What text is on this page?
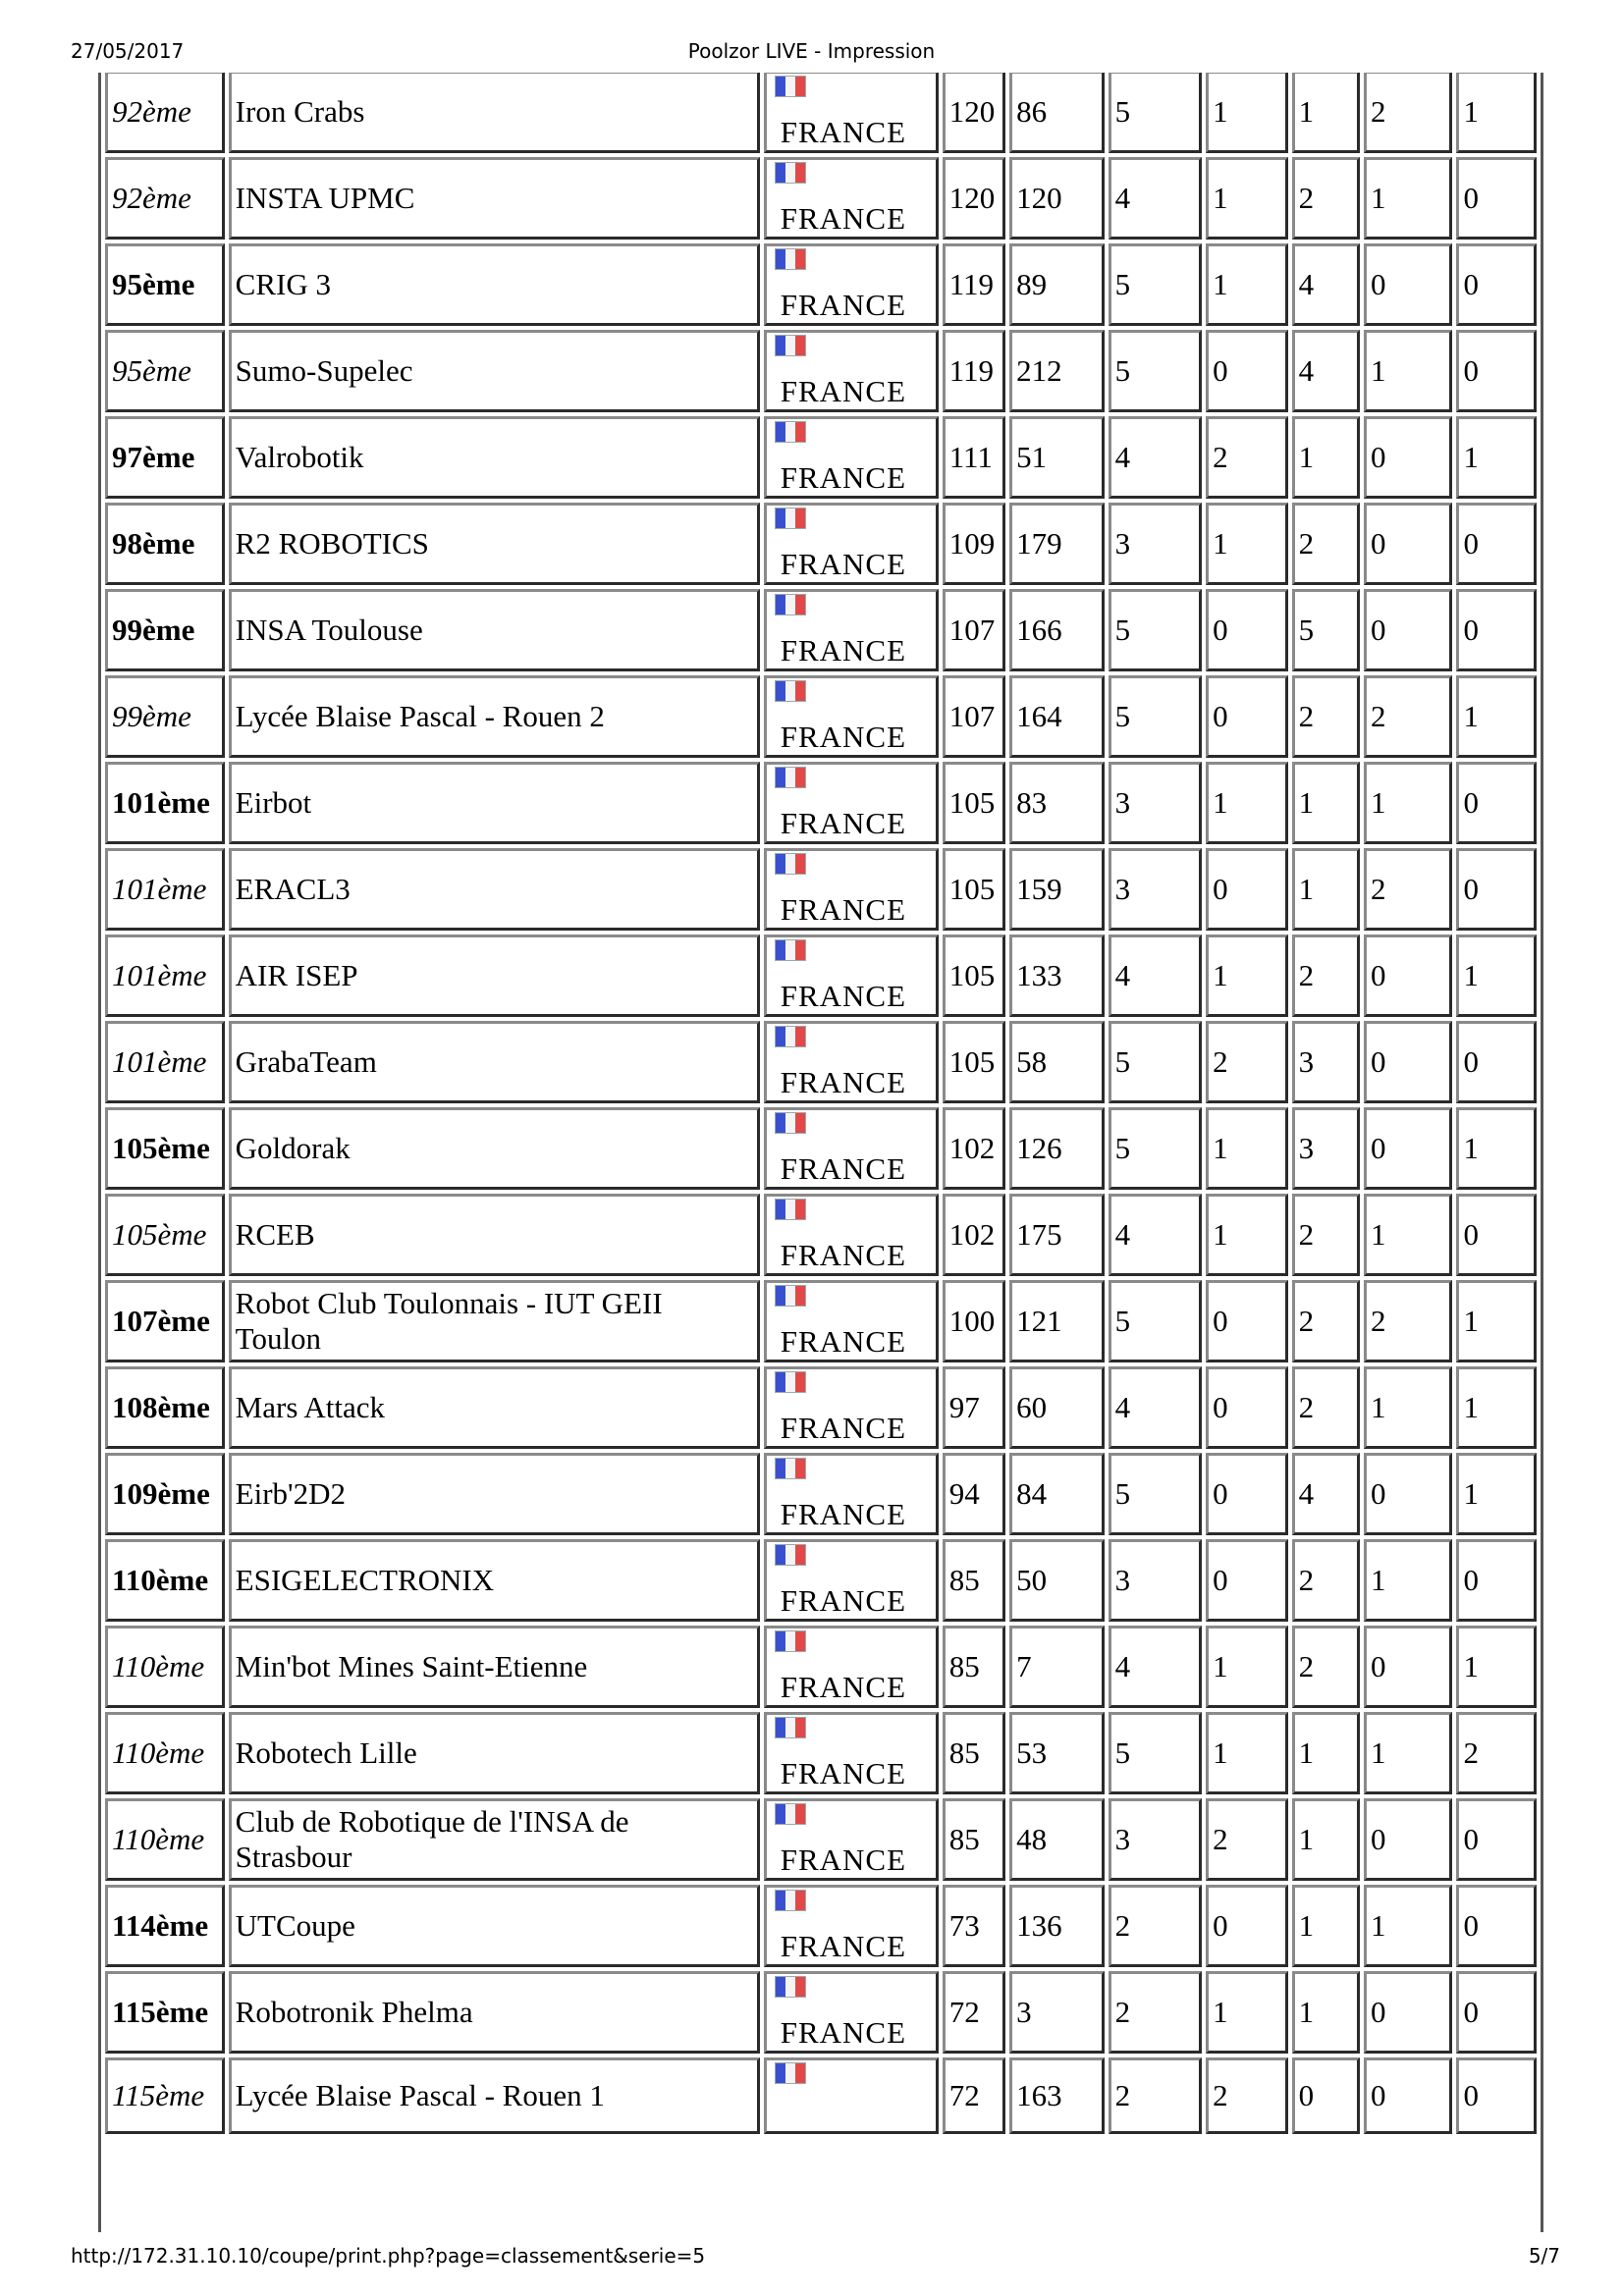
27/05/2017	Poolzor LIVE - Impression
92ème	Iron Crabs	FRANCE	120	86	5	1	1	2	1
92ème	INSTA UPMC	FRANCE	120	120	4	1	2	1	0
95ème	CRIG 3	FRANCE	119	89	5	1	4	0	0
95ème	Sumo-Supelec	FRANCE	119	212	5	0	4	1	0
97ème	Valrobotik	FRANCE	111	51	4	2	1	0	1
98ème	R2 ROBOTICS	FRANCE	109	179	3	1	2	0	0
99ème	INSA Toulouse	FRANCE	107	166	5	0	5	0	0
99ème	Lycée Blaise Pascal - Rouen 2	FRANCE	107	164	5	0	2	2	1
101ème	Eirbot	FRANCE	105	83	3	1	1	1	0
101ème	ERACL3	FRANCE	105	159	3	0	1	2	0
101ème	AIR ISEP	FRANCE	105	133	4	1	2	0	1
101ème	GrabaTeam	FRANCE	105	58	5	2	3	0	0
105ème	Goldorak	FRANCE	102	126	5	1	3	0	1
105ème	RCEB	FRANCE	102	175	4	1	2	1	0
107ème	Robot Club Toulonnais - IUT GEII Toulon	FRANCE	100	121	5	0	2	2	1
108ème	Mars Attack	FRANCE	97	60	4	0	2	1	1
109ème	Eirb'2D2	FRANCE	94	84	5	0	4	0	1
110ème	ESIGELECTRONIX	FRANCE	85	50	3	0	2	1	0
110ème	Min'bot Mines Saint-Etienne	FRANCE	85	7	4	1	2	0	1
110ème	Robotech Lille	FRANCE	85	53	5	1	1	1	2
110ème	Club de Robotique de l'INSA de Strasbour	FRANCE	85	48	3	2	1	0	0
114ème	UTCoupe	FRANCE	73	136	2	0	1	1	0
115ème	Robotronik Phelma	FRANCE	72	3	2	1	1	0	0
115ème	Lycée Blaise Pascal - Rouen 1		72	163	2	2	0	0	0
http://172.31.10.10/coupe/print.php?page=classement&serie=5	5/7
